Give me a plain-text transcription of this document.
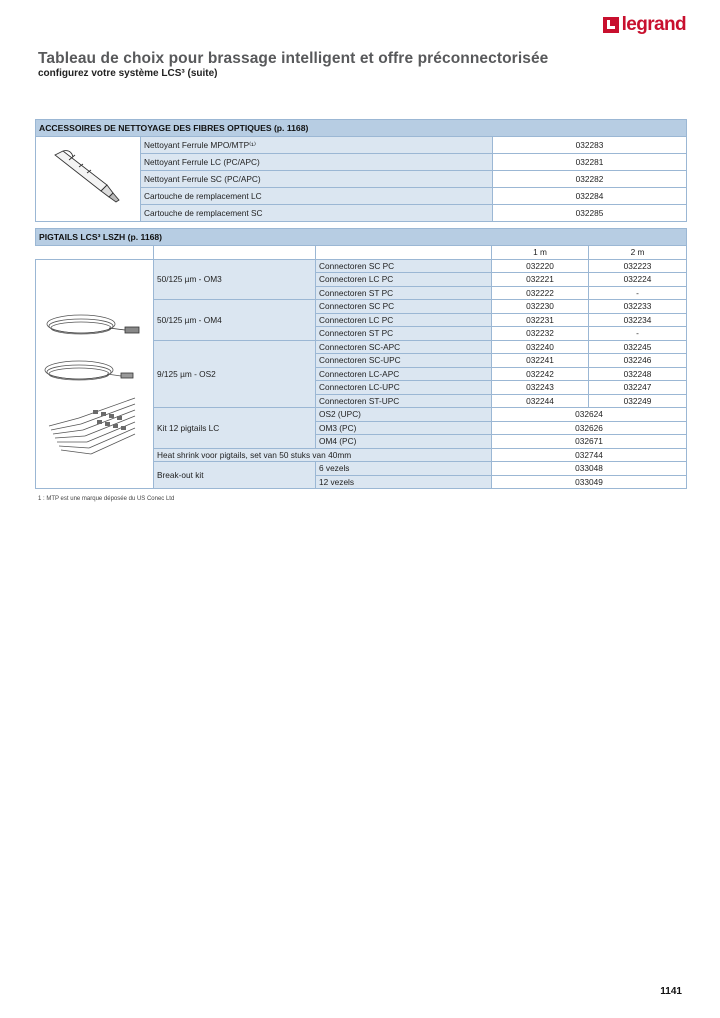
legrand
Tableau de choix pour brassage intelligent et offre préconnectorisée

configurez votre système LCS³ (suite)

ACCESSOIRES DE NETTOYAGE DES FIBRES OPTIQUES (p. 1168)		
	Nettoyant Ferrule MPO/MTP⁽¹⁾	032283
	Nettoyant Ferrule LC (PC/APC)	032281
	Nettoyant Ferrule SC (PC/APC)	032282
	Cartouche de remplacement LC	032284
	Cartouche de remplacement SC	032285
PIGTAILS LCS³ LSZH (p. 1168)				
			1 m	2 m
	50/125 µm - OM3	Connectoren SC PC	032220	032223
		Connectoren LC PC	032221	032224
		Connectoren ST PC	032222	-
	50/125 µm - OM4	Connectoren SC PC	032230	032233
		Connectoren LC PC	032231	032234
		Connectoren ST PC	032232	-
	9/125 µm - OS2	Connectoren SC-APC	032240	032245
		Connectoren SC-UPC	032241	032246
		Connectoren LC-APC	032242	032248
		Connectoren LC-UPC	032243	032247
		Connectoren ST-UPC	032244	032249
	Kit 12 pigtails LC	OS2 (UPC)	032624	
		OM3 (PC)	032626	
		OM4 (PC)	032671	
	Heat shrink voor pigtails, set van 50 stuks van 40mm		032744	
	Break-out kit	6 vezels	033048	
		12 vezels	033049	
1 : MTP est une marque déposée du US Conec Ltd
1141
